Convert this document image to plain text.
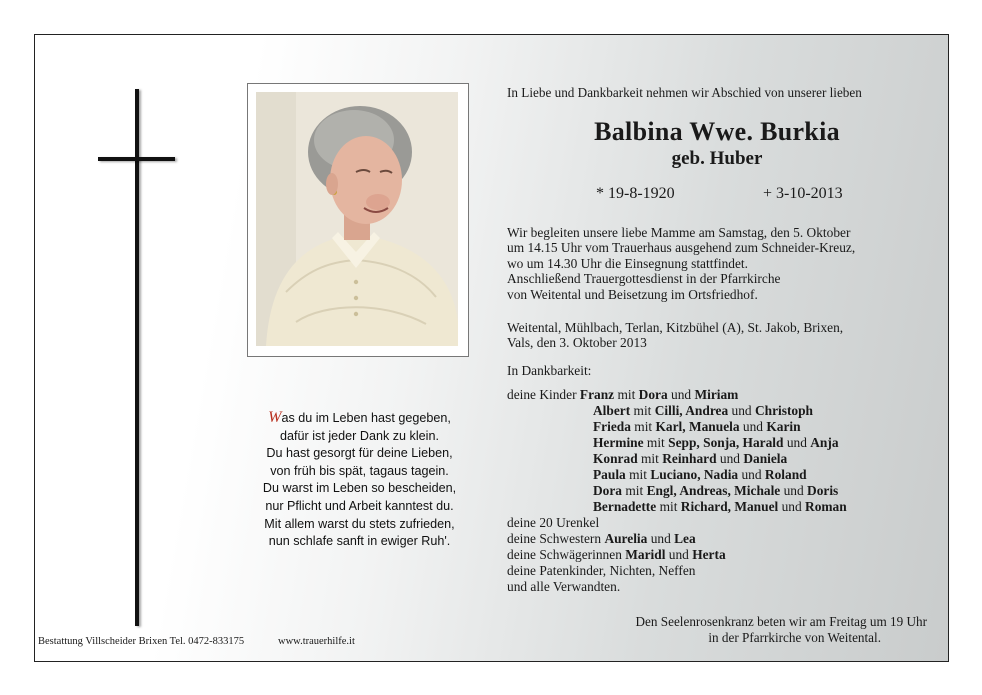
Was du im Leben hast gegeben,
dafür ist jeder Dank zu klein.
Du hast gesorgt für deine Lieben,
von früh bis spät, tagaus tagein.
Du warst im Leben so bescheiden,
nur Pflicht und Arbeit kanntest du.
Mit allem warst du stets zufrieden,
nun schlafe sanft in ewiger Ruh'.
Bestattung Villscheider Brixen Tel. 0472-833175	www.trauerhilfe.it
In Liebe und Dankbarkeit nehmen wir Abschied von unserer lieben
Balbina Wwe. Burkia
geb. Huber
* 19-8-1920	+ 3-10-2013
Wir begleiten unsere liebe Mamme am Samstag, den 5. Oktober
um 14.15 Uhr vom Trauerhaus ausgehend zum Schneider-Kreuz,
wo um 14.30 Uhr die Einsegnung stattfindet.
Anschließend Trauergottesdienst in der Pfarrkirche
von Weitental und Beisetzung im Ortsfriedhof.
Weitental, Mühlbach, Terlan, Kitzbühel (A), St. Jakob, Brixen,
Vals, den 3. Oktober 2013
In Dankbarkeit:
deine Kinder Franz mit Dora und Miriam
Albert mit Cilli, Andrea und Christoph
Frieda mit Karl, Manuela und Karin
Hermine mit Sepp, Sonja, Harald und Anja
Konrad mit Reinhard und Daniela
Paula mit Luciano, Nadia und Roland
Dora mit Engl, Andreas, Michale und Doris
Bernadette mit Richard, Manuel und Roman
deine 20 Urenkel
deine Schwestern Aurelia und Lea
deine Schwägerinnen Maridl und Herta
deine Patenkinder, Nichten, Neffen
und alle Verwandten.
Den Seelenrosenkranz beten wir am Freitag um 19 Uhr
in der Pfarrkirche von Weitental.
